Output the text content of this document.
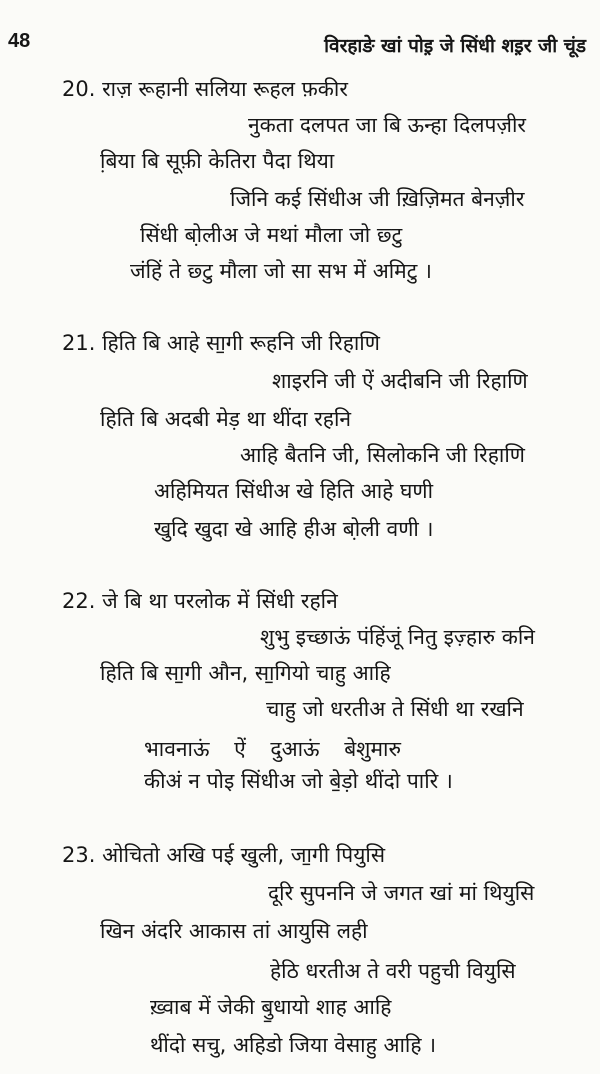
48	विरहाङे खां पोइ़ जे सिंधी शइ़र जी चूंड
20. राज़ रूहानी सलिया रूहल फ़कीर
नुकता दलपत जा बि ऊन्हा दिलपज़ीर
बि़या बि सूफ़ी केतिरा पैदा थिया
जिनि कई सिंधीअ जी ख़िज़िमत बेनज़ीर
सिंधी बो़लीअ जे मथां मौला जो छ्टु
जंहिं ते छ्टु मौला जो सा सभ में अमिटु ।
21. हिति बि आहे सा॒गी रूहनि जी रिहाणि
शाइरनि जी ऐं अदीबनि जी रिहाणि
हिति बि अदबी मेड़ था थींदा रहनि
आहि बैतनि जी, सिलोकनि जी रिहाणि
अहिमियत सिंधीअ खे हिति आहे घणी
खुदि खुदा खे आहि हीअ बो़ली वणी ।
22. जे बि था परलोक में सिंधी रहनि
शुभु इच्छाऊं पंहिंजूं नितु इज़्हारु कनि
हिति बि सा॒गी औन, सा॒गियो चाहु आहि
चाहु जो धरतीअ ते सिंधी था रखनि
भावनाऊं ऐं दुआऊं बेशुमारु
कीअं न पोइ सिंधीअ जो बे॒ड़ो थींदो पारि ।
23. ओचितो अखि पई खुली, जा॒गी पियुसि
दूरि सुपननि जे जगत खां मां थियुसि
खिन अंदरि आकास तां आयुसि लही
हेठि धरतीअ ते वरी पहुची वियुसि
ख़्वाब में जेकी बु॒धायो शाह आहि
थींदो सचु, अहिडो जिया वेसाहु आहि ।
